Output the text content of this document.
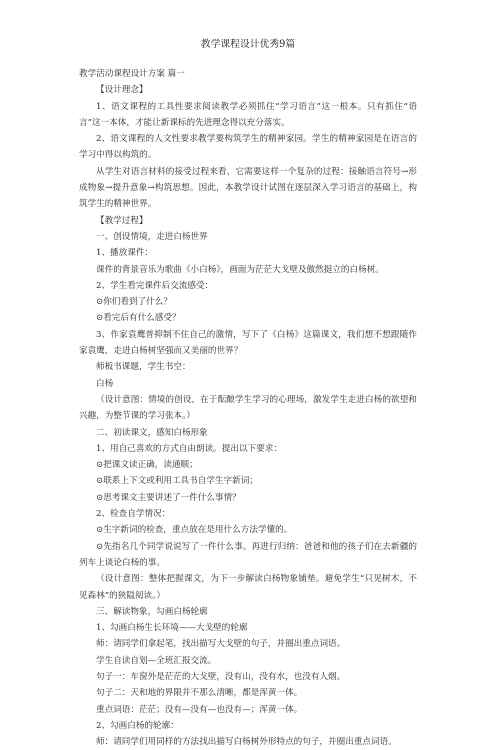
教学课程设计优秀9篇

教学活动课程设计方案 篇一

【设计理念】

1、语文课程的工具性要求阅读教学必须抓住“学习语言”这一根本。只有抓住“语言”这一本体，才能让新课标的先进理念得以充分落实。

2、语文课程的人文性要求教学要构筑学生的精神家园。学生的精神家园是在语言的学习中得以构筑的。

从学生对语言材料的接受过程来看，它需要这样一个复杂的过程：接触语言符号→形成物象→提升意象→构筑思想。因此，本教学设计试图在逐层深入学习语言的基础上，构筑学生的精神世界。

【教学过程】

一、创设情境，走进白杨世界

1、播放课件：

课件的背景音乐为歌曲《小白杨》，画面为茫茫大戈壁及傲然挺立的白杨树。

2、学生看完课件后交流感受：

⊙你们看到了什么？

⊙看完后有什么感受？

3、作家袁鹰普抑制不住自己的激情，写下了《白杨》这篇课文，我们想不想跟随作家袁鹰，走进白杨树坚强而又美丽的世界？

师板书课题，学生书空：

白杨

（设计意图：情境的创设，在于酝酿学生学习的心理场，激发学生走进白杨的欲望和兴趣，为整节课的学习张本。）

二、初读课文，感知白杨形象

1、用自己喜欢的方式自由朗读。提出以下要求：

⊙把课文读正确，读通顺；

⊙联系上下文或利用工具书自学生字新词；

⊙思考课文主要讲述了一件什么事情？

2、检查自学情况：

⊙生字新词的检查，重点放在是用什么方法学懂的。

⊙先指名几个同学说说写了一件什么事。再进行归纳：爸爸和他的孩子们在去新疆的列车上谈论白杨的事。

（设计意图：整体把握课文，为下一步解读白杨物象铺垫。避免学生“只见树木，不见森林”的狭隘阅读。）

三、解读物象，勾画白杨轮廓

1、勾画白杨生长环境——大戈壁的轮廓

师：请同学们拿起笔，找出描写大戈壁的句子，并圈出重点词语。

学生自读自划—全班汇报交流。

句子一：车窗外是茫茫的大戈壁，没有山，没有水，也没有人烟。

句子二：天和地的界限并不那么清晰，都是浑黄一体。

重点词语：茫茫；没有—没有—也没有—；浑黄一体。

2、勾画白杨的轮廓：

师：请同学们用同样的方法找出描写白杨树外形特点的句子，并圈出重点词语。
